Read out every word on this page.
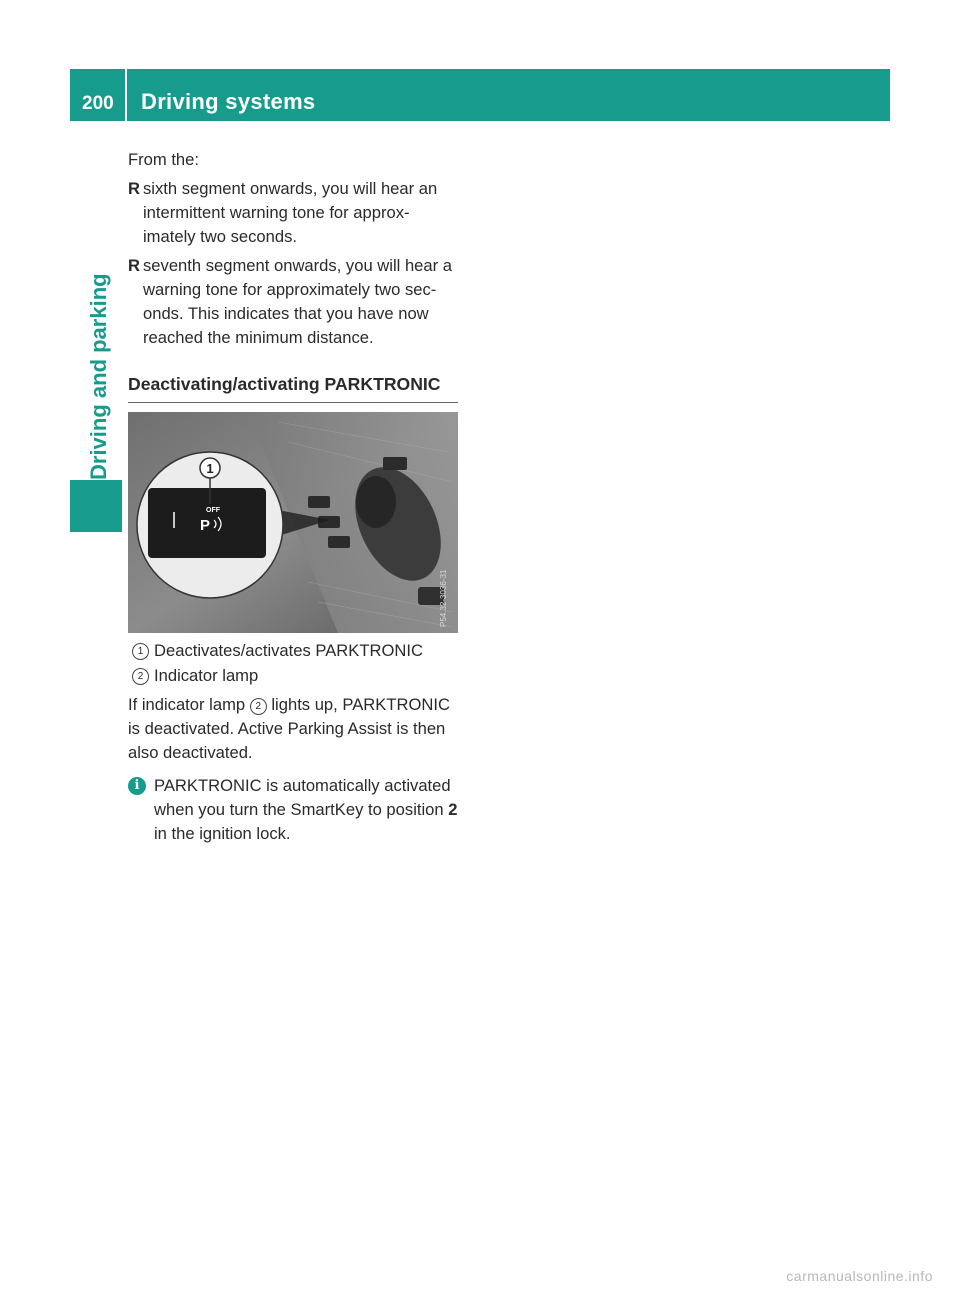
200 Driving systems
Driving and parking

From the:

R sixth segment onwards, you will hear an intermittent warning tone for approx-imately two seconds.
R seventh segment onwards, you will hear a warning tone for approximately two sec-onds. This indicates that you have now reached the minimum distance.
Deactivating/activating PARKTRONIC
OFF
P
1
P54.32-3036-31
1 Deactivates/activates PARKTRONIC
2 Indicator lamp

If indicator lamp 2 lights up, PARKTRONIC is deactivated. Active Parking Assist is then also deactivated.

i PARKTRONIC is automatically activated when you turn the SmartKey to position 2 in the ignition lock.
carmanualsonline.info
